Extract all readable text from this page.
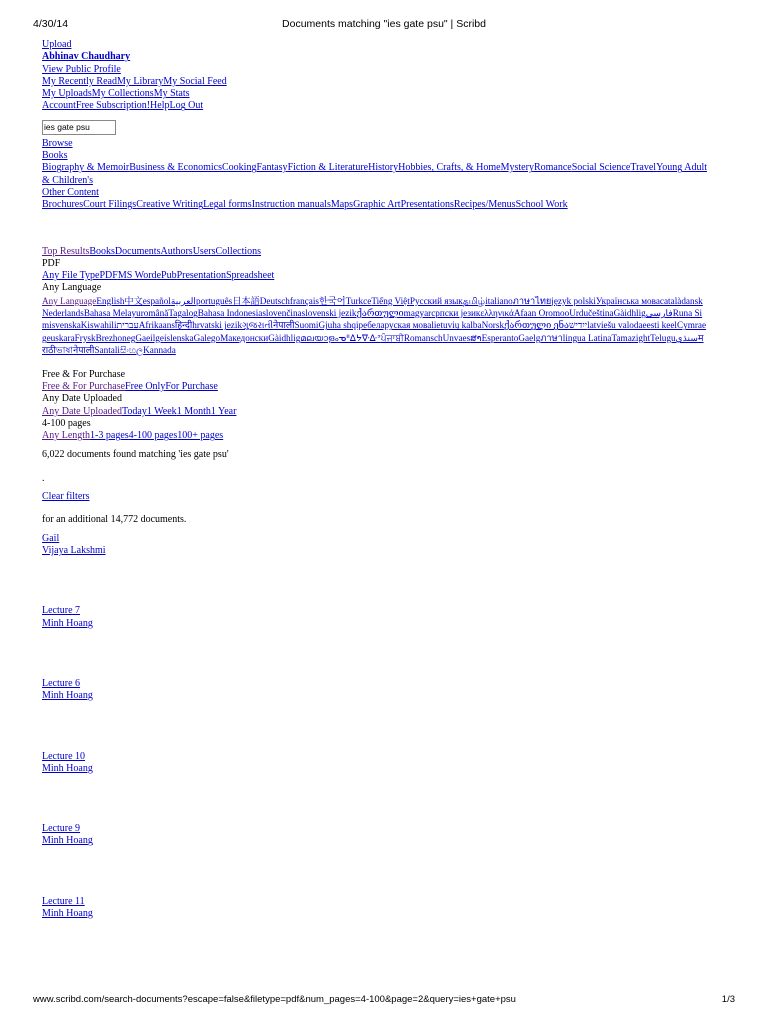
4/30/14	Documents matching "ies gate psu" | Scribd
Upload
Abhinav Chaudhary
View Public Profile
My Recently ReadMy LibraryMy Social Feed
My UploadsMy CollectionsMy Stats
AccountFree Subscription!HelpLog Out
ies gate psu
Browse
Books
Biography & MemoirBusiness & EconomicsCookingFantasyFiction & LiteratureHistoryHobbies, Crafts, & HomeMysteryRomanceSocial ScienceTravelYoung Adult & Children's
Other Content
BrochuresCourt FilingsCreative WritingLegal formsInstruction manualsMapsGraphic ArtPresentationsRecipes/MenusSchool Work
Top ResultsBooksDocumentsAuthorsUsersCollections
PDF
Any File TypePDFMS WordePubPresentationSpreadsheet
Any Language
Any LanguageEnglish中文españolالعربيةportuguês日本語Deutschfrançais한국어TurkceTiếng ViệtРусский языкதமிழ்italianoภาษาไทยjęzyk polskiУкраїнська моваcatalàdanskNederlandsBahasa MelayuromânăTagalogBahasa Indonesiaslovenčinaslovenski jezikქართულიmagyarсрпски језикελληνικάAfaan OromooUrdučeštinaGàidhligفارسیRuna SimisvenskaKiswahiliעבריתAfrikaansहिन्दीhrvatski jezikગુજરાતીनेपालीSuomiGjuha shqipeбеларуская моваlietuvių kalbaNorskქართული ენაייִדישlatviešu valodaeesti keelCymraegeuskaraFryskBrezhonegGaeilgeíslenskaGalegoМакедонскиGàidhligമലയാളംᓀᐦᐃᔭᐍᐏᐣਪੰਜਾਬੀRomanschUnvaesສາEsperantoGaelgภาษาlingua LatinaTamazightTeluguسنڌيमराठीভাষাनेपालीSantaliසිංහලKannada
Free & For Purchase
Free & For PurchaseFree OnlyFor Purchase
Any Date Uploaded
Any Date UploadedToday1 Week1 Month1 Year
4-100 pages
Any Length1-3 pages4-100 pages100+ pages
6,022 documents found matching 'ies gate psu'
.
Clear filters
for an additional 14,772 documents.
Gail
Vijaya Lakshmi
Lecture 7
Minh Hoang
Lecture 6
Minh Hoang
Lecture 10
Minh Hoang
Lecture 9
Minh Hoang
Lecture 11
Minh Hoang
www.scribd.com/search-documents?escape=false&filetype=pdf&num_pages=4-100&page=2&query=ies+gate+psu	1/3
